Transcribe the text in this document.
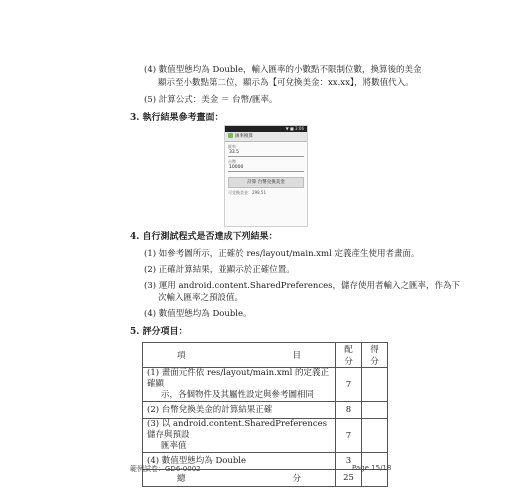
(4) 數值型態均為 Double，輸入匯率的小數點不限制位數，換算後的美金
顯示至小數點第二位，顯示為【可兌換美金：xx.xx】，將數值代入。
(5) 計算公式：美金 ＝ 台幣/匯率。
3. 執行結果參考畫面：
▼ ■ 3:06
匯率換算
匯率
33.5
台幣
10000
計算 台幣兌換美金
可兌換美金：298.51
4. 自行測試程式是否達成下列結果：
(1) 如參考圖所示，正確於 res/layout/main.xml 定義產生使用者畫面。
(2) 正確計算結果，並顯示於正確位置。
(3) 運用 android.content.SharedPreferences，儲存使用者輸入之匯率，作為下
次輸入匯率之預設值。
(4) 數值型態均為 Double。
5. 評分項目：
項 目	配 分	得 分

(1) 畫面元件依 res/layout/main.xml 的定義正確顯
示，各個物件及其屬性設定與參考圖相同	7	

(2) 台幣兌換美金的計算結果正確	8	

(3) 以 android.content.SharedPreferences 儲存與預設
匯率值	7	

(4) 數值型態均為 Double	3	

總 分	25	
範例試卷：GD6-0002	Page 15/18
